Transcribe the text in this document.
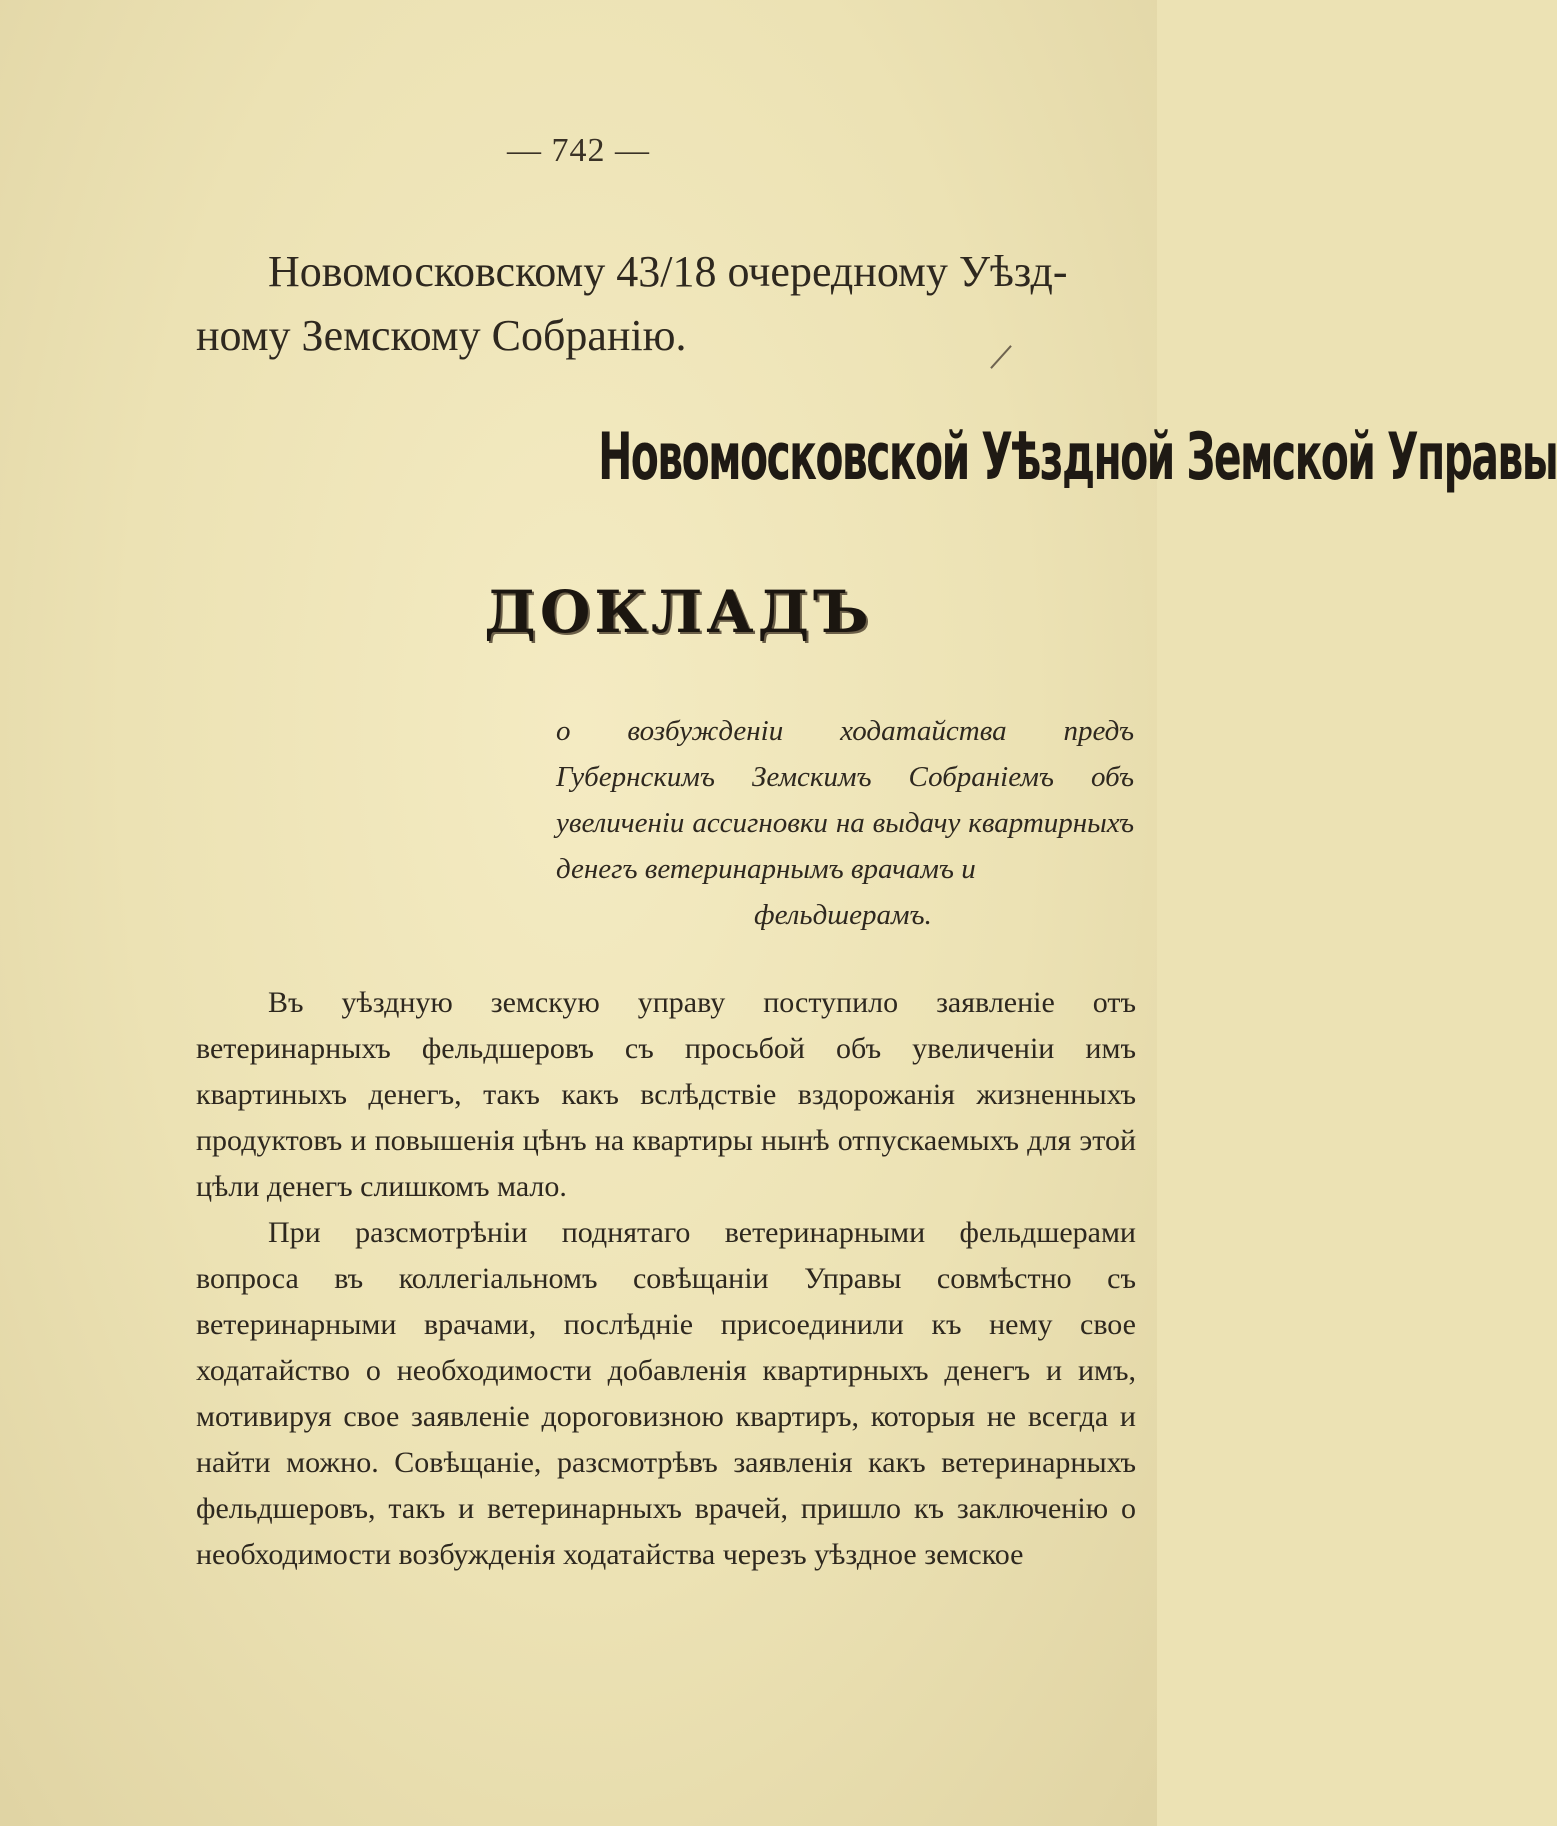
— 742 —
Новомосковскому 43/18 очередному Уѣзд-
ному Земскому Собранію.
Новомосковской Уѣздной Земской Управы
ДОКЛАДЪ
о возбужденіи ходатайства предъ Губернскимъ Земскимъ Собраніемъ объ увеличеніи ассигновки на выдачу квартирныхъ денегъ ветеринарнымъ врачамъ и
фельдшерамъ.

Въ уѣздную земскую управу поступило заявленіе отъ ветеринарныхъ фельдшеровъ съ просьбой объ увеличеніи имъ квартиныхъ денегъ, такъ какъ вслѣдствіе вздорожанія жизненныхъ продуктовъ и повышенія цѣнъ на квартиры нынѣ отпускаемыхъ для этой цѣли денегъ слишкомъ мало.

При разсмотрѣніи поднятаго ветеринарными фельдшерами вопроса въ коллегіальномъ совѣщаніи Управы совмѣстно съ ветеринарными врачами, послѣдніе присоединили къ нему свое ходатайство о необходимости добавленія квартирныхъ денегъ и имъ, мотивируя свое заявленіе дороговизною квартиръ, которыя не всегда и найти можно. Совѣщаніе, разсмотрѣвъ заявленія какъ ветеринарныхъ фельдшеровъ, такъ и ветеринарныхъ врачей, пришло къ заключенію о необходимости возбужденія ходатайства черезъ уѣздное земское
